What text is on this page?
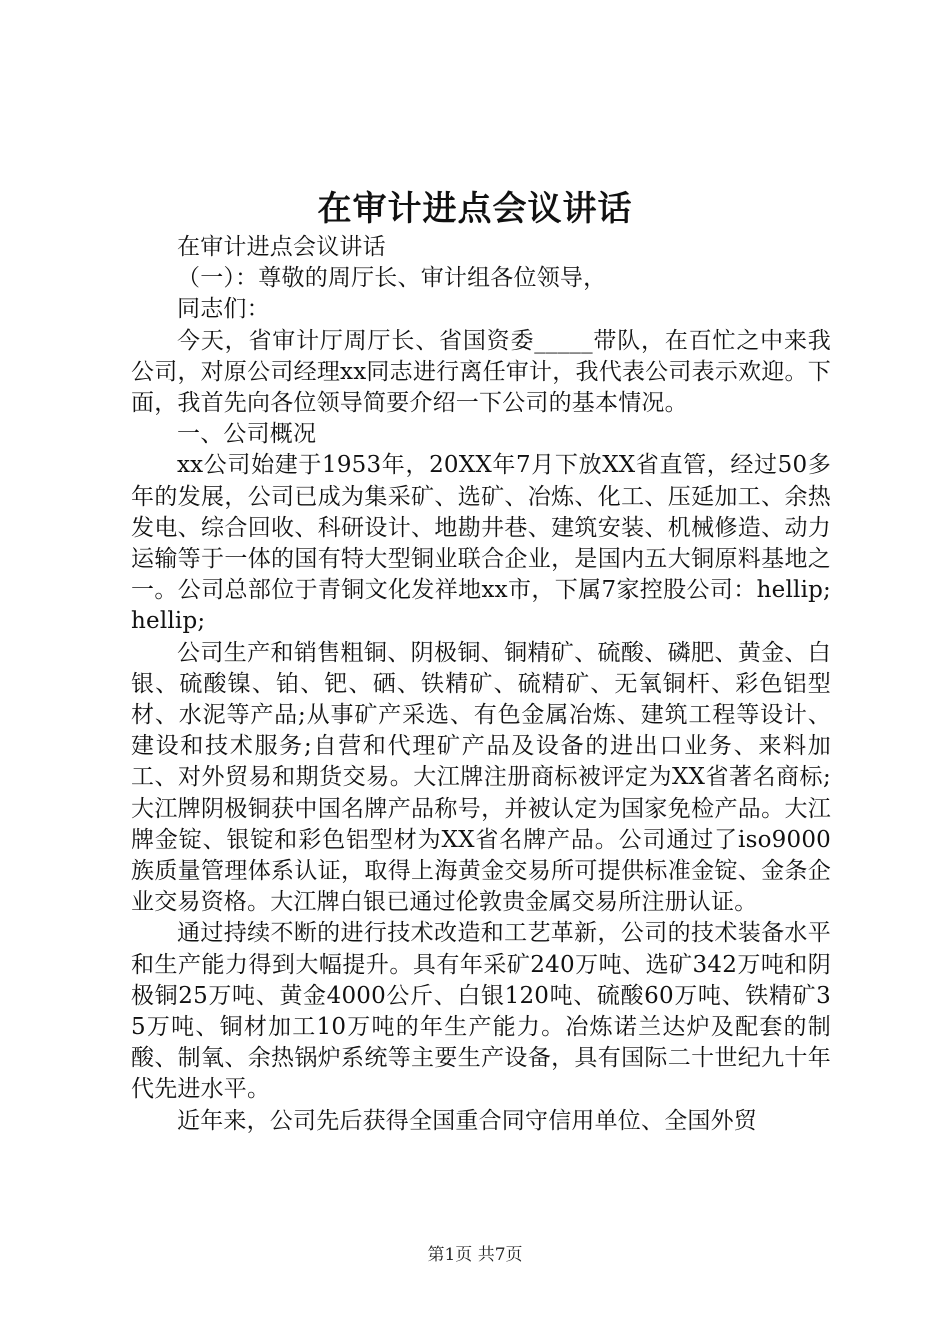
在审计进点会议讲话

在审计进点会议讲话

（一）：尊敬的周厅长、审计组各位领导，

同志们：

今天，省审计厅周厅长、省国资委_____带队，在百忙之中来我公司，对原公司经理xx同志进行离任审计，我代表公司表示欢迎。下面，我首先向各位领导简要介绍一下公司的基本情况。

一、公司概况

xx公司始建于1953年，20XX年7月下放XX省直管，经过50多年的发展，公司已成为集采矿、选矿、冶炼、化工、压延加工、余热发电、综合回收、科研设计、地勘井巷、建筑安装、机械修造、动力运输等于一体的国有特大型铜业联合企业，是国内五大铜原料基地之一。公司总部位于青铜文化发祥地xx市，下属7家控股公司：hellip;hellip;

公司生产和销售粗铜、阴极铜、铜精矿、硫酸、磷肥、黄金、白银、硫酸镍、铂、钯、硒、铁精矿、硫精矿、无氧铜杆、彩色铝型材、水泥等产品;从事矿产采选、有色金属冶炼、建筑工程等设计、建设和技术服务;自营和代理矿产品及设备的进出口业务、来料加工、对外贸易和期货交易。大江牌注册商标被评定为XX省著名商标;大江牌阴极铜获中国名牌产品称号，并被认定为国家免检产品。大江牌金锭、银锭和彩色铝型材为XX省名牌产品。公司通过了iso9000族质量管理体系认证，取得上海黄金交易所可提供标准金锭、金条企业交易资格。大江牌白银已通过伦敦贵金属交易所注册认证。

通过持续不断的进行技术改造和工艺革新，公司的技术装备水平和生产能力得到大幅提升。具有年采矿240万吨、选矿342万吨和阴极铜25万吨、黄金4000公斤、白银120吨、硫酸60万吨、铁精矿35万吨、铜材加工10万吨的年生产能力。冶炼诺兰达炉及配套的制酸、制氧、余热锅炉系统等主要生产设备，具有国际二十世纪九十年代先进水平。

近年来，公司先后获得全国重合同守信用单位、全国外贸

第1页 共7页
